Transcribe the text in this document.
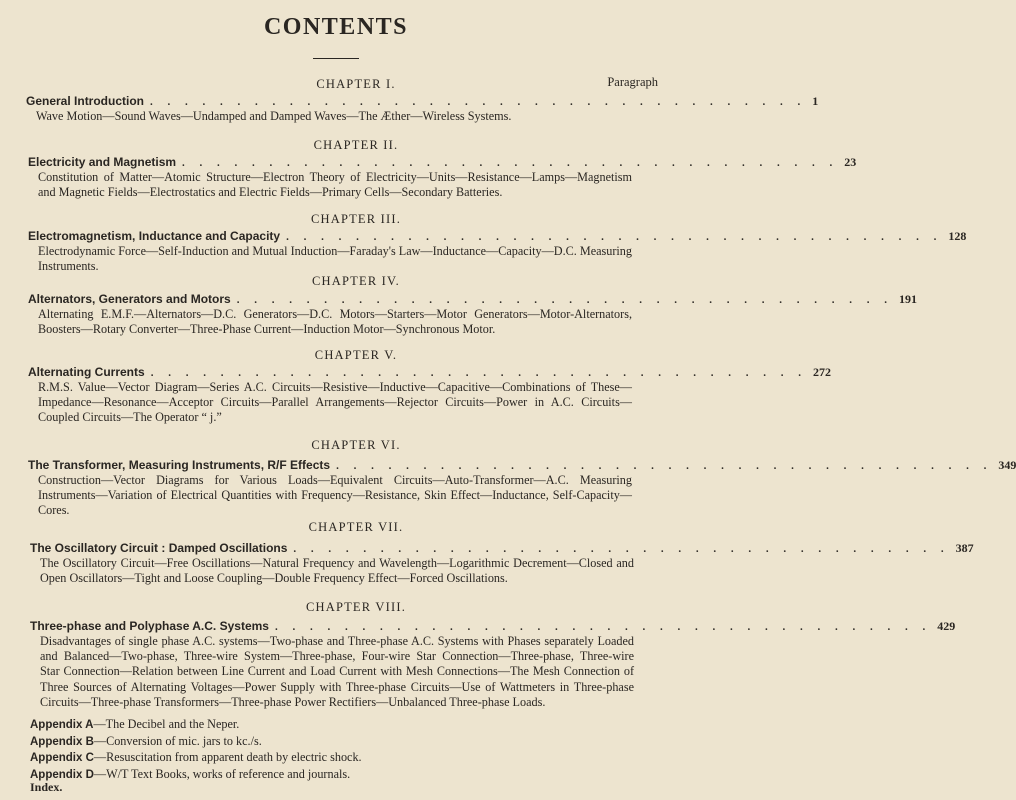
CONTENTS
Paragraph
CHAPTER I.
General Introduction . . . . . . . . . . . . . . . . . . . . . . . . . . . . . . . . . . . . . . 1
Wave Motion—Sound Waves—Undamped and Damped Waves—The Æther—Wireless Systems.
CHAPTER II.
Electricity and Magnetism . . . . . . . . . . . . . . . . . . . . . . . . . . . . . . . . . . . . . . 23
Constitution of Matter—Atomic Structure—Electron Theory of Electricity—Units—Resistance—Lamps—Magnetism and Magnetic Fields—Electrostatics and Electric Fields—Primary Cells—Secondary Batteries.
CHAPTER III.
Electromagnetism, Inductance and Capacity . . . . . . . . . . . . . . . . . . . . . . . . . . . . . . . . . . . . . . 128
Electrodynamic Force—Self-Induction and Mutual Induction—Faraday's Law—Inductance—Capacity—D.C. Measuring Instruments.
CHAPTER IV.
Alternators, Generators and Motors . . . . . . . . . . . . . . . . . . . . . . . . . . . . . . . . . . . . . . 191
Alternating E.M.F.—Alternators—D.C. Generators—D.C. Motors—Starters—Motor Generators—Motor-Alternators, Boosters—Rotary Converter—Three-Phase Current—Induction Motor—Synchronous Motor.
CHAPTER V.
Alternating Currents . . . . . . . . . . . . . . . . . . . . . . . . . . . . . . . . . . . . . . 272
R.M.S. Value—Vector Diagram—Series A.C. Circuits—Resistive—Inductive—Capacitive—Combinations of These—Impedance—Resonance—Acceptor Circuits—Parallel Arrangements—Rejector Circuits—Power in A.C. Circuits—Coupled Circuits—The Operator “ j.”
CHAPTER VI.
The Transformer, Measuring Instruments, R/F Effects . . . . . . . . . . . . . . . . . . . . . . . . . . . . . . . . . . . . . . 349
Construction—Vector Diagrams for Various Loads—Equivalent Circuits—Auto-Transformer—A.C. Measuring Instruments—Variation of Electrical Quantities with Frequency—Resistance, Skin Effect—Inductance, Self-Capacity—Cores.
CHAPTER VII.
The Oscillatory Circuit : Damped Oscillations . . . . . . . . . . . . . . . . . . . . . . . . . . . . . . . . . . . . . . 387
The Oscillatory Circuit—Free Oscillations—Natural Frequency and Wavelength—Logarithmic Decrement—Closed and Open Oscillators—Tight and Loose Coupling—Double Frequency Effect—Forced Oscillations.
CHAPTER VIII.
Three-phase and Polyphase A.C. Systems . . . . . . . . . . . . . . . . . . . . . . . . . . . . . . . . . . . . . . 429
Disadvantages of single phase A.C. systems—Two-phase and Three-phase A.C. Systems with Phases separately Loaded and Balanced—Two-phase, Three-wire System—Three-phase, Four-wire Star Connection—Three-phase, Three-wire Star Connection—Relation between Line Current and Load Current with Mesh Connections—The Mesh Connection of Three Sources of Alternating Voltages—Power Supply with Three-phase Circuits—Use of Wattmeters in Three-phase Circuits—Three-phase Transformers—Three-phase Power Rectifiers—Unbalanced Three-phase Loads.
Appendix A—The Decibel and the Neper.
Appendix B—Conversion of mic. jars to kc./s.
Appendix C—Resuscitation from apparent death by electric shock.
Appendix D—W/T Text Books, works of reference and journals.
Index.
